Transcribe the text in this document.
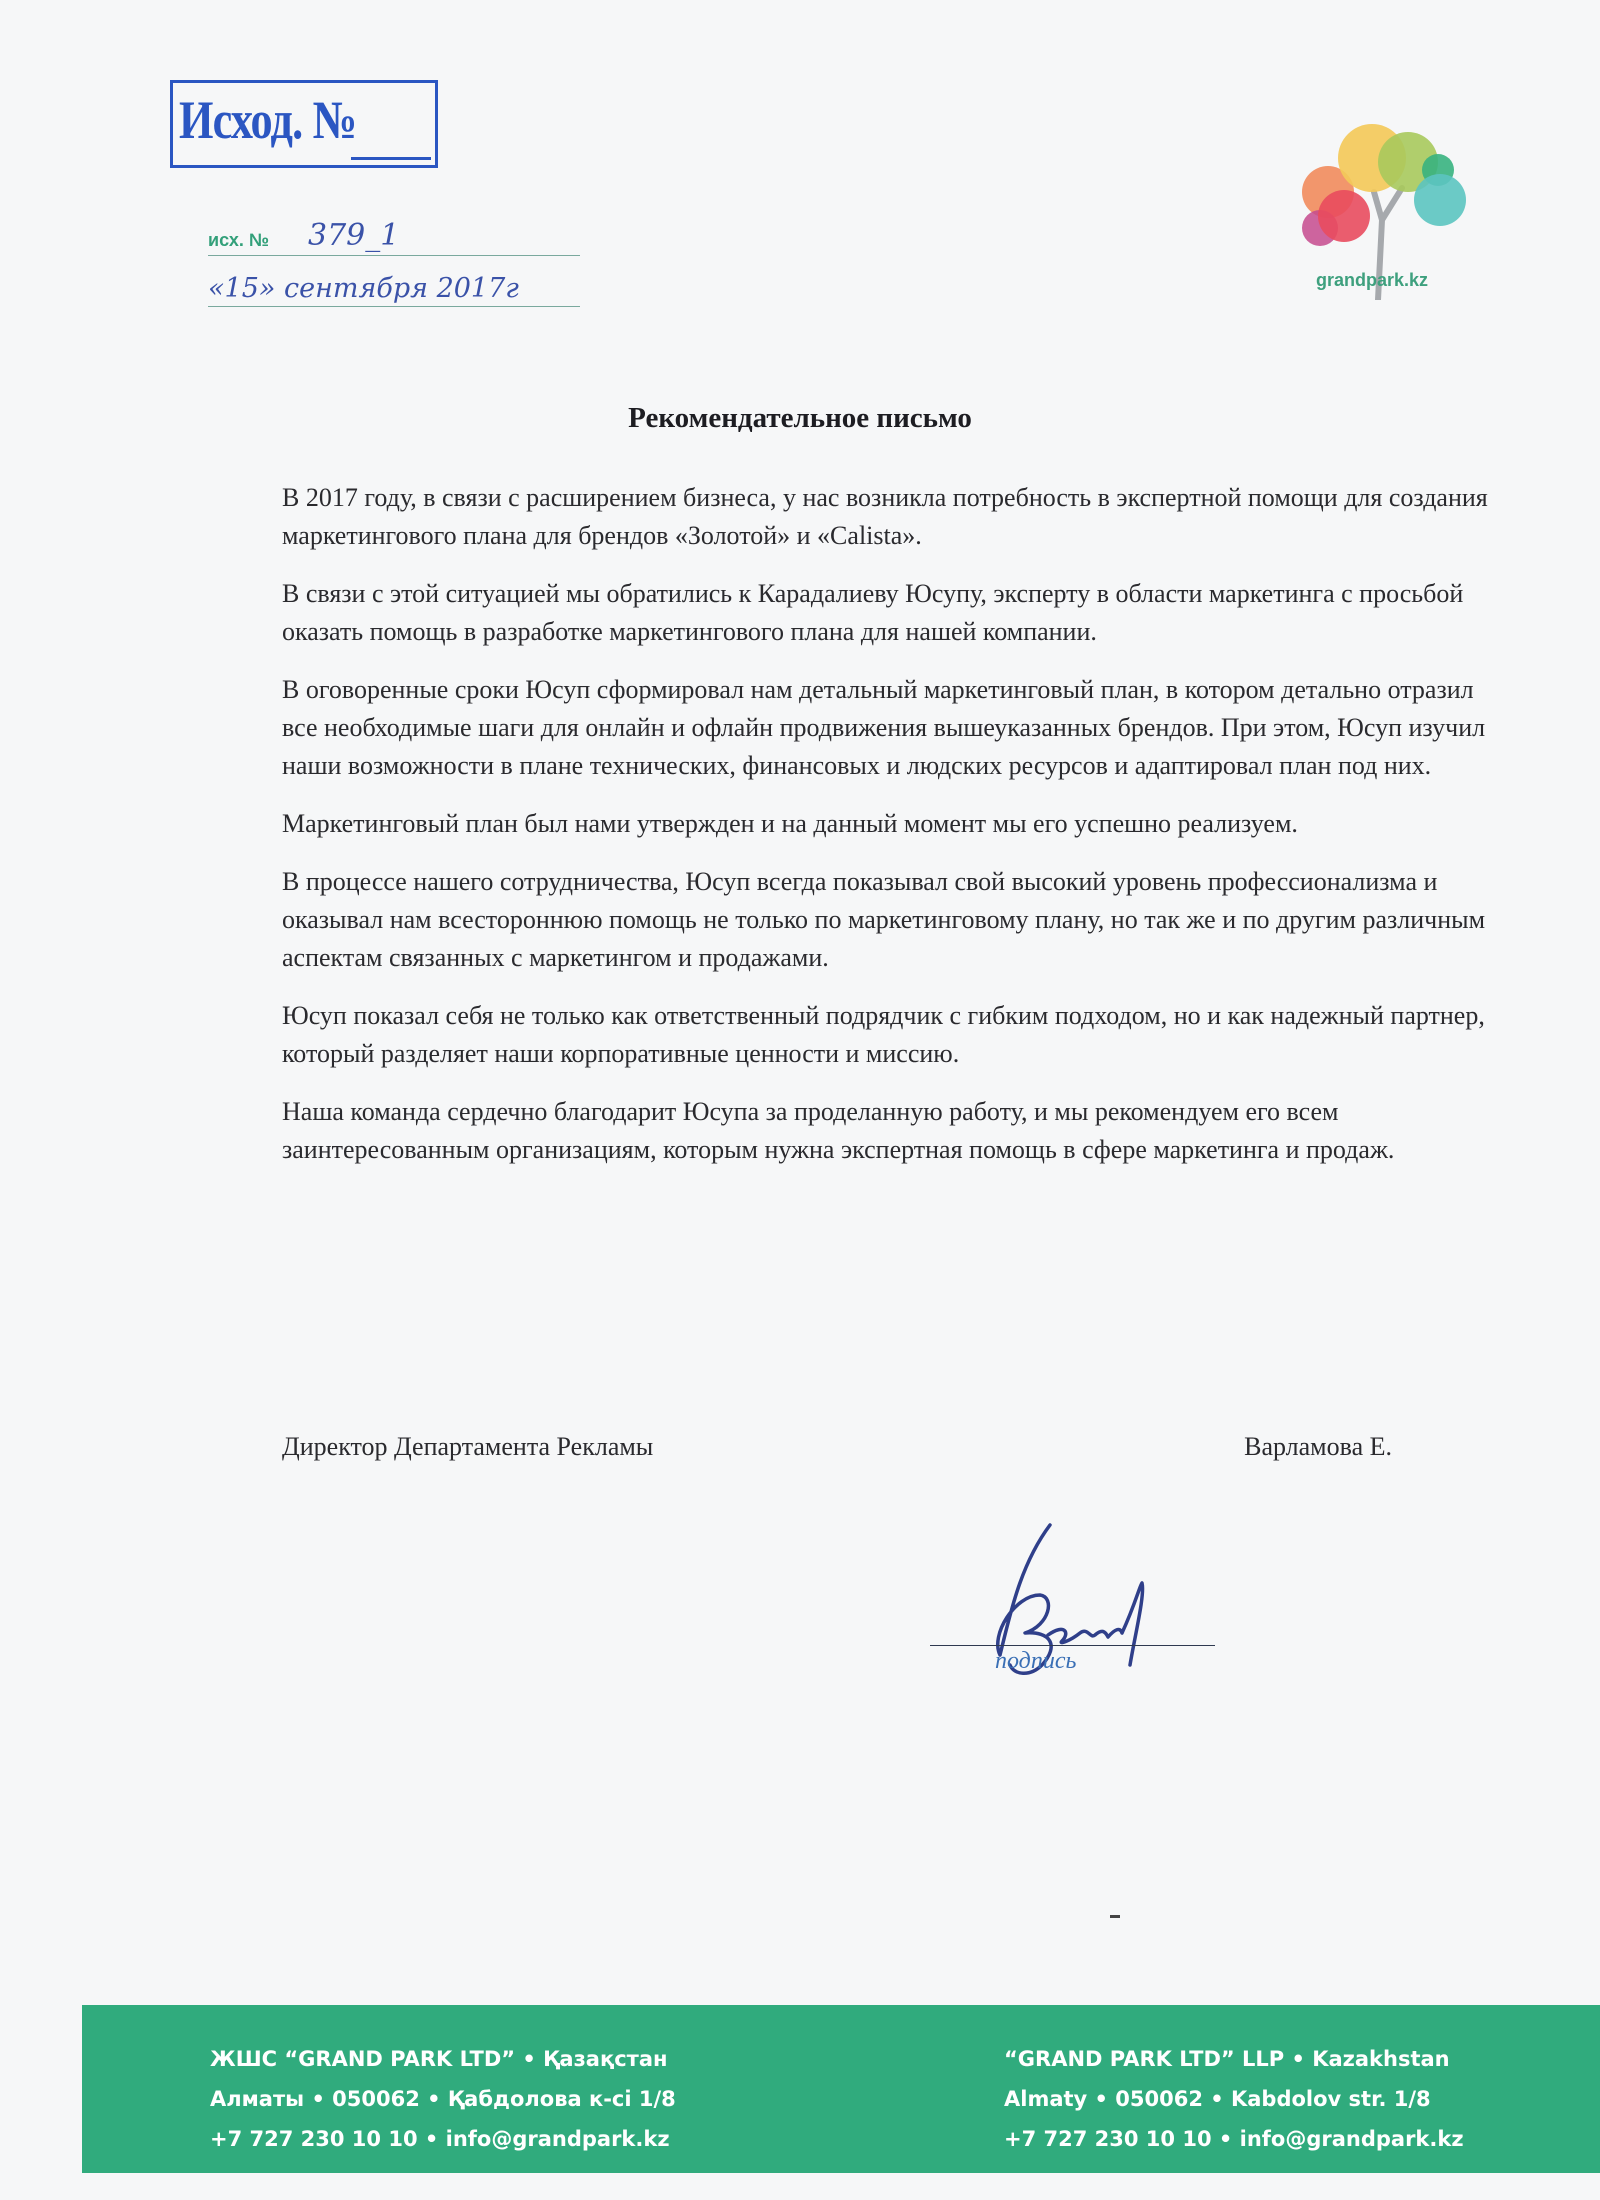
Исход. №
исх. № 379_1
«15» сентября 2017г	grandpark.kz
Рекомендательное письмо

В 2017 году, в связи с расширением бизнеса, у нас возникла потребность в экспертной помощи для создания маркетингового плана для брендов «Золотой» и «Calista».

В связи с этой ситуацией мы обратились к Карадалиеву Юсупу, эксперту в области маркетинга с просьбой оказать помощь в разработке маркетингового плана для нашей компании.

В оговоренные сроки Юсуп сформировал нам детальный маркетинговый план, в котором детально отразил все необходимые шаги для онлайн и офлайн продвижения вышеуказанных брендов. При этом, Юсуп изучил наши возможности в плане технических, финансовых и людских ресурсов и адаптировал план под них.

Маркетинговый план был нами утвержден и на данный момент мы его успешно реализуем.

В процессе нашего сотрудничества, Юсуп всегда показывал свой высокий уровень профессионализма и оказывал нам всестороннюю помощь не только по маркетинговому плану, но так же и по другим различным аспектам связанных с маркетингом и продажами.

Юсуп показал себя не только как ответственный подрядчик с гибким подходом, но и как надежный партнер, который разделяет наши корпоративные ценности и миссию.

Наша команда сердечно благодарит Юсупа за проделанную работу, и мы рекомендуем его всем заинтересованным организациям, которым нужна экспертная помощь в сфере маркетинга и продаж.

Директор Департамента Рекламы	Варламова Е.
подпись
ЖШС “GRAND PARK LTD” • Қазақстан
Алматы • 050062 • Қабдолова к-сі 1/8
+7 727 230 10 10 • info@grandpark.kz
“GRAND PARK LTD” LLP • Kazakhstan
Almaty • 050062 • Kabdolov str. 1/8
+7 727 230 10 10 • info@grandpark.kz
